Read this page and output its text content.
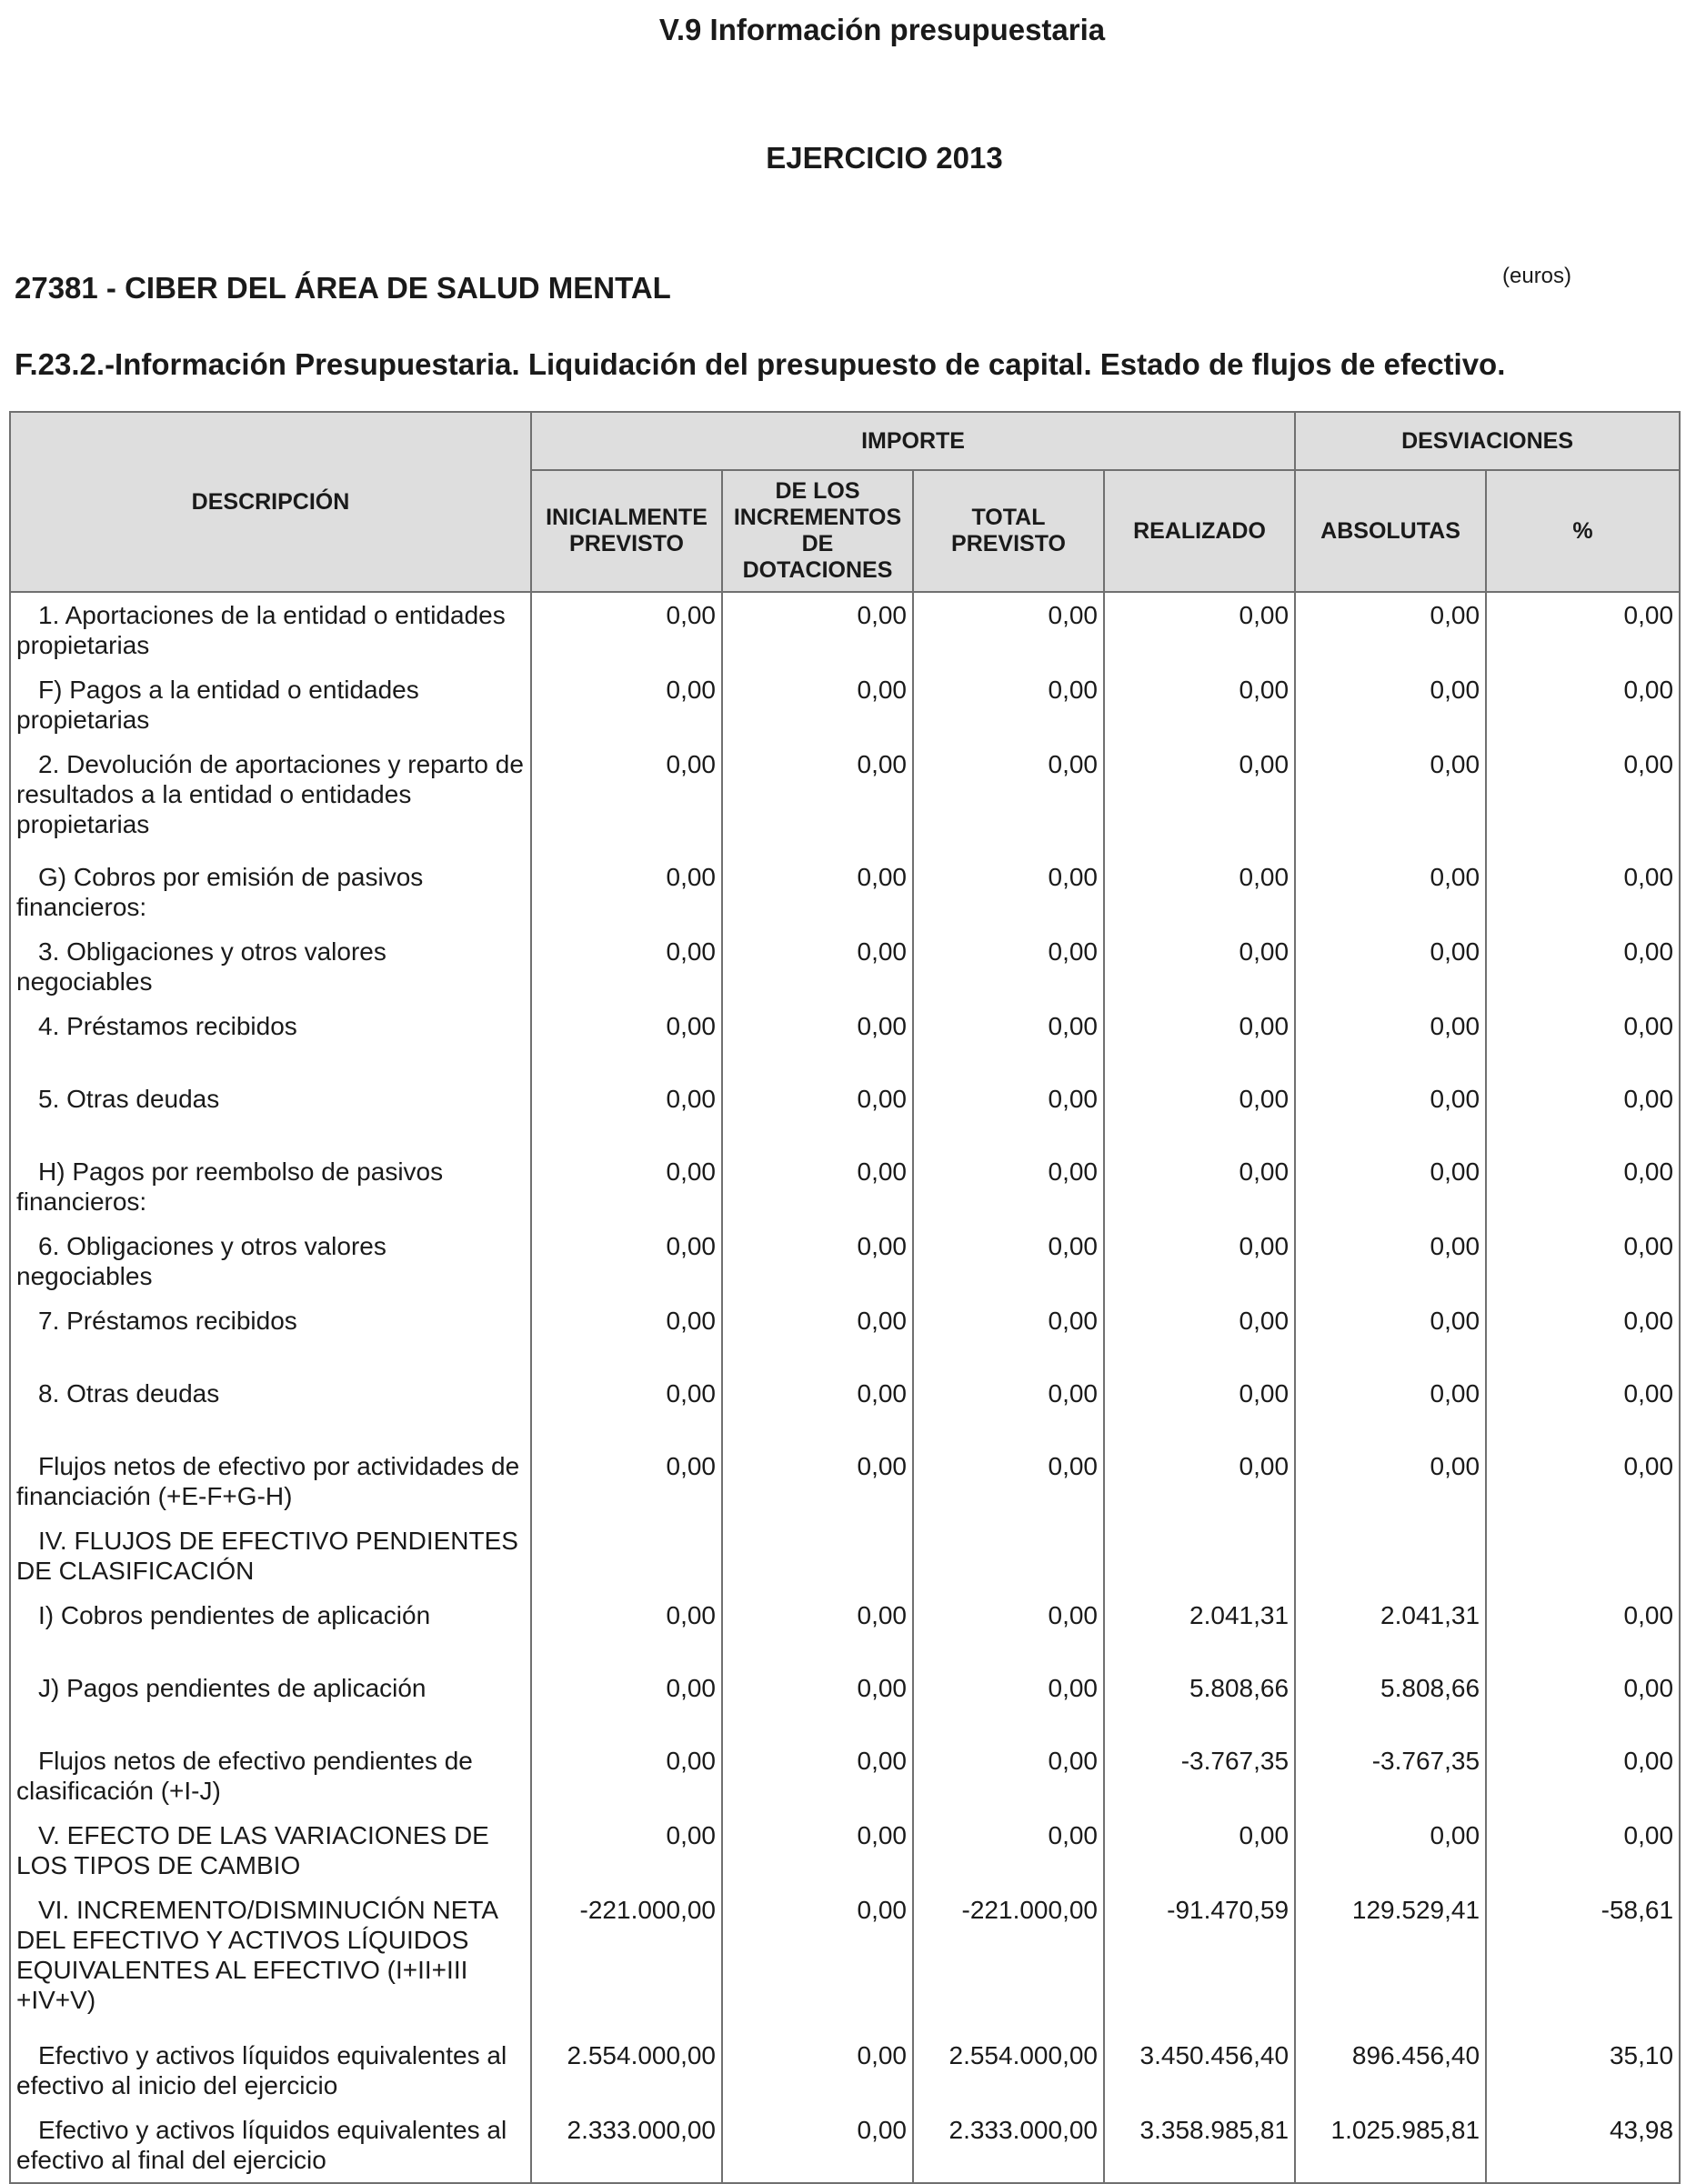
V.9 Información presupuestaria
EJERCICIO 2013
27381 - CIBER DEL ÁREA DE SALUD MENTAL	(euros)
F.23.2.-Información Presupuestaria. Liquidación del presupuesto de capital. Estado de flujos de efectivo.
DESCRIPCIÓN	IMPORTE				DESVIACIONES	
	INICIALMENTE PREVISTO	DE LOS INCREMENTOS DE DOTACIONES	TOTAL PREVISTO	REALIZADO	ABSOLUTAS	%
1. Aportaciones de la entidad o entidades propietarias	0,00	0,00	0,00	0,00	0,00	0,00
F) Pagos a la entidad o entidades propietarias	0,00	0,00	0,00	0,00	0,00	0,00
2. Devolución de aportaciones y reparto de resultados a la entidad o entidades propietarias	0,00	0,00	0,00	0,00	0,00	0,00
G) Cobros por emisión de pasivos financieros:	0,00	0,00	0,00	0,00	0,00	0,00
3. Obligaciones y otros valores negociables	0,00	0,00	0,00	0,00	0,00	0,00
4. Préstamos recibidos	0,00	0,00	0,00	0,00	0,00	0,00
5. Otras deudas	0,00	0,00	0,00	0,00	0,00	0,00
H) Pagos por reembolso de pasivos financieros:	0,00	0,00	0,00	0,00	0,00	0,00
6. Obligaciones y otros valores negociables	0,00	0,00	0,00	0,00	0,00	0,00
7. Préstamos recibidos	0,00	0,00	0,00	0,00	0,00	0,00
8. Otras deudas	0,00	0,00	0,00	0,00	0,00	0,00
Flujos netos de efectivo por actividades de financiación (+E-F+G-H)	0,00	0,00	0,00	0,00	0,00	0,00
IV. FLUJOS DE EFECTIVO PENDIENTES DE CLASIFICACIÓN						
I) Cobros pendientes de aplicación	0,00	0,00	0,00	2.041,31	2.041,31	0,00
J) Pagos pendientes de aplicación	0,00	0,00	0,00	5.808,66	5.808,66	0,00
Flujos netos de efectivo pendientes de clasificación (+I-J)	0,00	0,00	0,00	-3.767,35	-3.767,35	0,00
V. EFECTO DE LAS VARIACIONES DE LOS TIPOS DE CAMBIO	0,00	0,00	0,00	0,00	0,00	0,00
VI. INCREMENTO/DISMINUCIÓN NETA DEL EFECTIVO Y ACTIVOS LÍQUIDOS EQUIVALENTES AL EFECTIVO (I+II+III +IV+V)	-221.000,00	0,00	-221.000,00	-91.470,59	129.529,41	-58,61
Efectivo y activos líquidos equivalentes al efectivo al inicio del ejercicio	2.554.000,00	0,00	2.554.000,00	3.450.456,40	896.456,40	35,10
Efectivo y activos líquidos equivalentes al efectivo al final del ejercicio	2.333.000,00	0,00	2.333.000,00	3.358.985,81	1.025.985,81	43,98
